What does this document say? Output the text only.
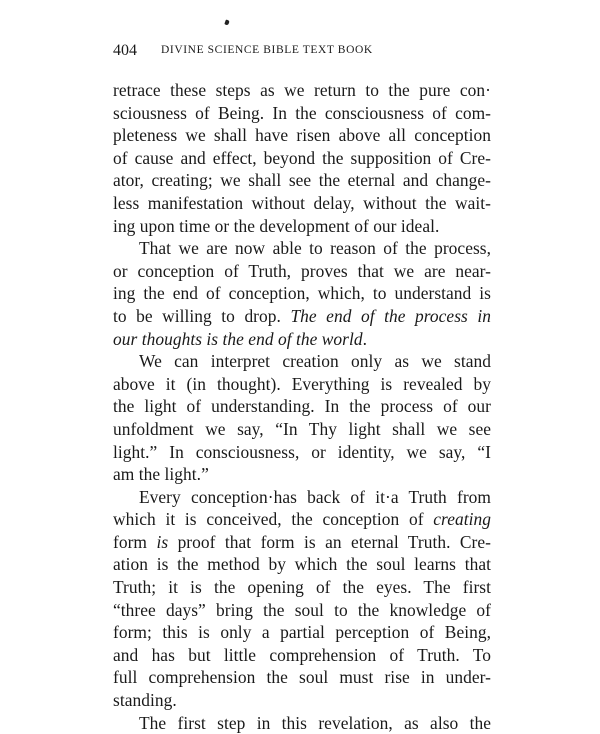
404 DIVINE SCIENCE BIBLE TEXT BOOK
retrace these steps as we return to the pure con·
sciousness of Being. In the consciousness of com-
pleteness we shall have risen above all conception
of cause and effect, beyond the supposition of Cre-
ator, creating; we shall see the eternal and change-
less manifestation without delay, without the wait-
ing upon time or the development of our ideal.
That we are now able to reason of the process,
or conception of Truth, proves that we are near-
ing the end of conception, which, to understand is
to be willing to drop. The end of the process in
our thoughts is the end of the world.
We can interpret creation only as we stand
above it (in thought). Everything is revealed by
the light of understanding. In the process of our
unfoldment we say, “In Thy light shall we see
light.” In consciousness, or identity, we say, “I
am the light.”
Every conception·has back of it·a Truth from
which it is conceived, the conception of creating
form is proof that form is an eternal Truth. Cre-
ation is the method by which the soul learns that
Truth; it is the opening of the eyes. The first
“three days” bring the soul to the knowledge of
form; this is only a partial perception of Being,
and has but little comprehension of Truth. To
full comprehension the soul must rise in under-
standing.
The first step in this revelation, as also the
